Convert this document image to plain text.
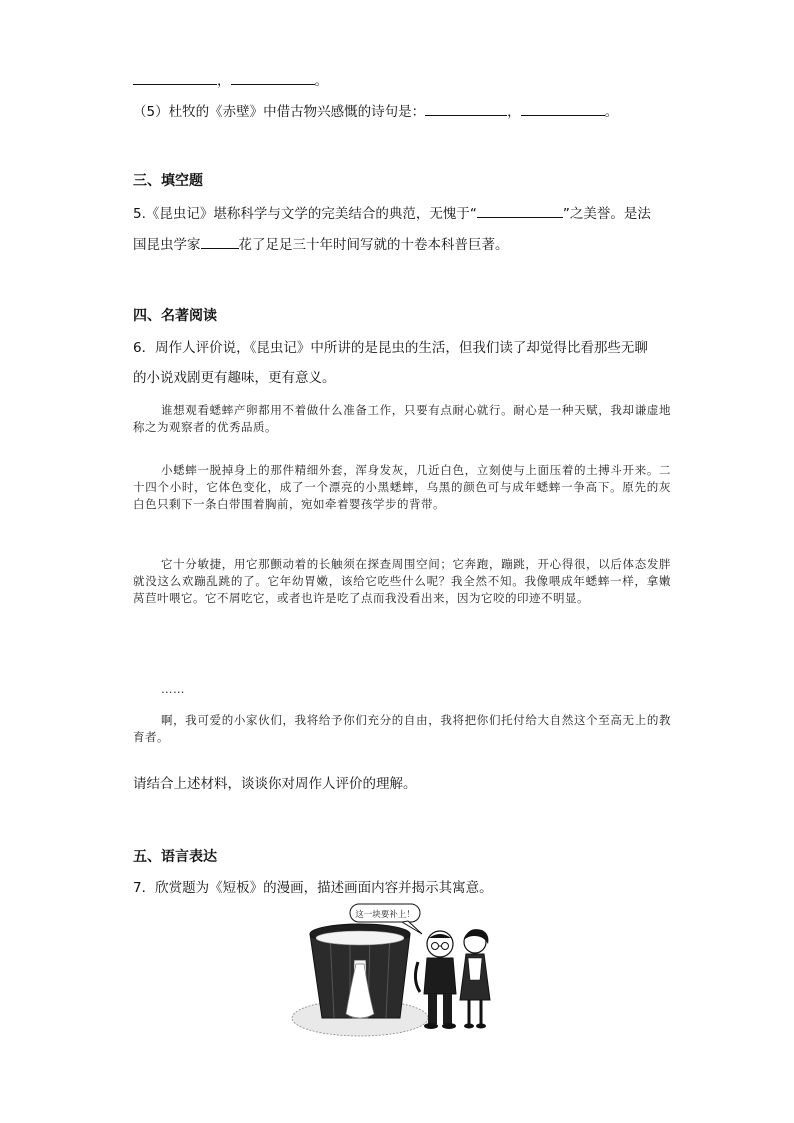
，	。
（5）杜牧的《赤壁》中借古物兴感慨的诗句是：	，	。
三、填空题
5.《昆虫记》堪称科学与文学的完美结合的典范，无愧于“	”之美誉。是法
国昆虫学家	花了足足三十年时间写就的十卷本科普巨著。
四、名著阅读
6．周作人评价说，《昆虫记》中所讲的是昆虫的生活，但我们读了却觉得比看那些无聊
的小说戏剧更有趣味，更有意义。
谁想观看蟋蟀产卵都用不着做什么准备工作，只要有点耐心就行。耐心是一种天赋，我却谦虚地称之为观察者的优秀品质。
小蟋蟀一脱掉身上的那件精细外套，浑身发灰，几近白色，立刻使与上面压着的土搏斗开来。二十四个小时，它体色变化，成了一个漂亮的小黑蟋蟀，乌黑的颜色可与成年蟋蟀一争高下。原先的灰白色只剩下一条白带围着胸前，宛如牵着婴孩学步的背带。
它十分敏捷，用它那颤动着的长触须在探查周围空间；它奔跑，蹦跳，开心得很，以后体态发胖就没这么欢蹦乱跳的了。它年幼胃嫩，该给它吃些什么呢？我全然不知。我像喂成年蟋蟀一样，拿嫩莴苣叶喂它。它不屑吃它，或者也许是吃了点而我没看出来，因为它咬的印迹不明显。
……
啊，我可爱的小家伙们，我将给予你们充分的自由，我将把你们托付给大自然这个至高无上的教育者。
请结合上述材料，谈谈你对周作人评价的理解。
五、语言表达
7．欣赏题为《短板》的漫画，描述画面内容并揭示其寓意。
这一块要补上！
